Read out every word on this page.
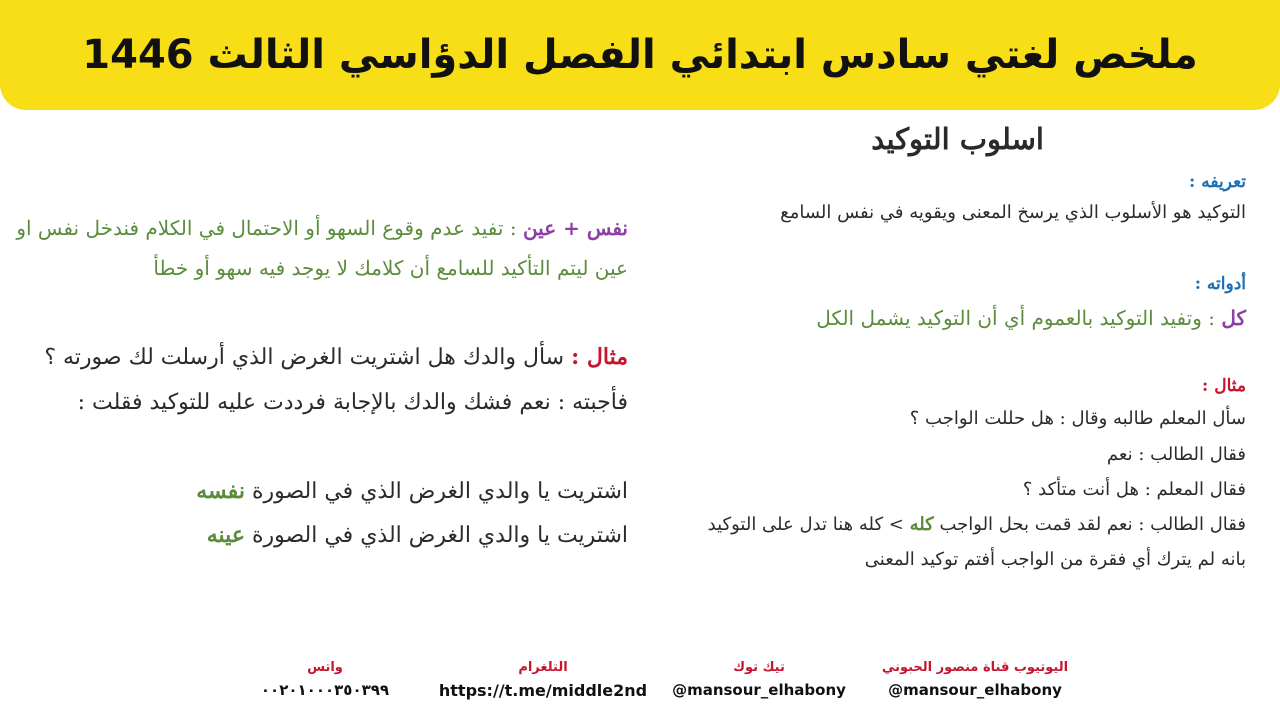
ملخص لغتي سادس ابتدائي الفصل الدؤاسي الثالث 1446
اسلوب التوكيد
تعريفه :
التوكيد هو الأسلوب الذي يرسخ المعنى ويقويه في نفس السامع
أدواته :
كل : وتفيد التوكيد بالعموم أي أن التوكيد يشمل الكل
مثال :
سأل المعلم طالبه وقال : هل حللت الواجب ؟
فقال الطالب : نعم
فقال المعلم : هل أنت متأكد ؟
فقال الطالب : نعم لقد قمت بحل الواجب كله > كله هنا تدل على التوكيد
بانه لم يترك أي فقرة من الواجب أفتم توكيد المعنى
نفس + عين : تفيد عدم وقوع السهو أو الاحتمال في الكلام فندخل نفس او
عين ليتم التأكيد للسامع أن كلامك لا يوجد فيه سهو أو خطأ
مثال : سأل والدك هل اشتريت الغرض الذي أرسلت لك صورته ؟
فأجبته : نعم فشك والدك بالإجابة فرددت عليه للتوكيد فقلت :
اشتريت يا والدي الغرض الذي في الصورة نفسه
اشتريت يا والدي الغرض الذي في الصورة عينه
اليوتيوب قناة منصور الحبوني
@mansour_elhabony
تيك توك
@mansour_elhabony
التلغرام
https://t.me/middle2nd
واتس
٠٠٢٠١٠٠٠٣٥٠٣٩٩
